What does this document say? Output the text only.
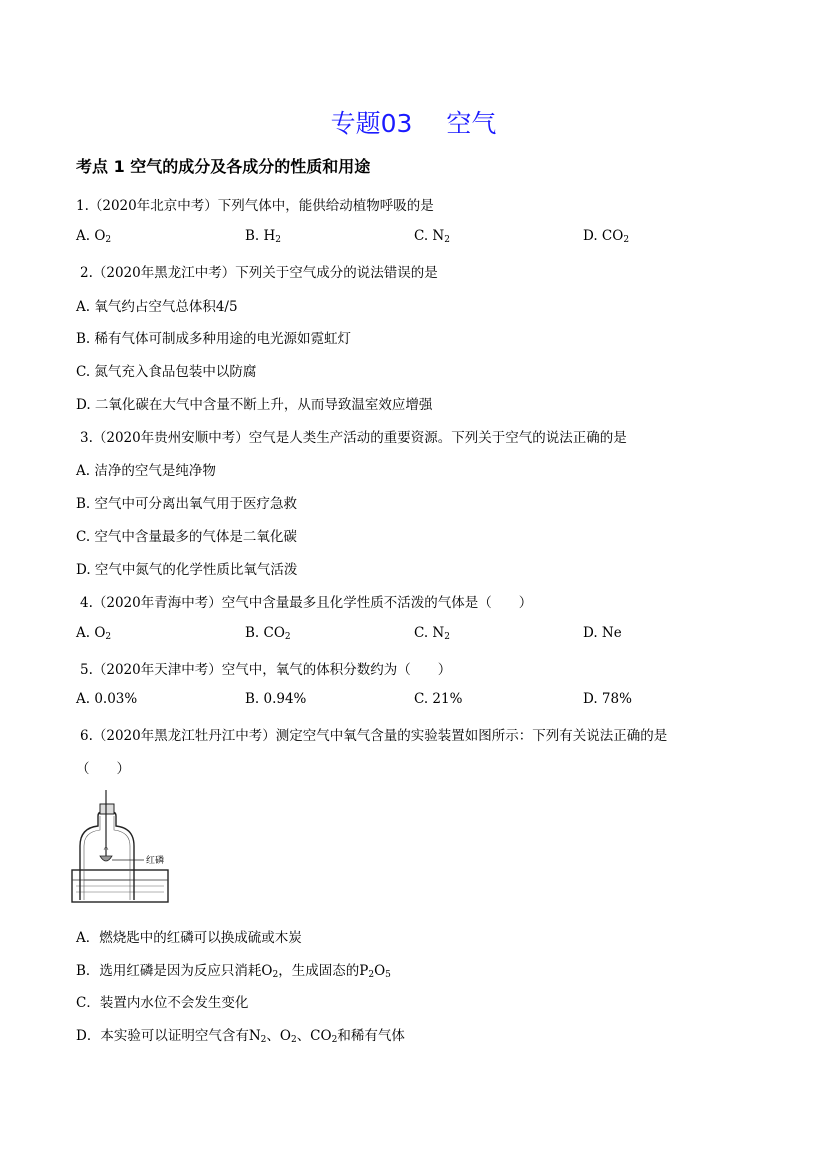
专题03 空气
考点 1 空气的成分及各成分的性质和用途
1.（2020年北京中考）下列气体中，能供给动植物呼吸的是
A. $O_2$	B. $H_2$	C. $N_2$	D. $CO_2$
2.（2020年黑龙江中考）下列关于空气成分的说法错误的是
A. 氧气约占空气总体积4/5
B. 稀有气体可制成多种用途的电光源如霓虹灯
C. 氮气充入食品包装中以防腐
D. 二氧化碳在大气中含量不断上升，从而导致温室效应增强
3.（2020年贵州安顺中考）空气是人类生产活动的重要资源。下列关于空气的说法正确的是
A. 洁净的空气是纯净物
B. 空气中可分离出氧气用于医疗急救
C. 空气中含量最多的气体是二氧化碳
D. 空气中氮气的化学性质比氧气活泼
4.（2020年青海中考）空气中含量最多且化学性质不活泼的气体是（　　）
A. $O_2$	B. $CO_2$	C. $N_2$	D. Ne
5.（2020年天津中考）空气中，氧气的体积分数约为（　　）
A. 0.03%	B. 0.94%	C. 21%	D. 78%
6.（2020年黑龙江牡丹江中考）测定空气中氧气含量的实验装置如图所示：下列有关说法正确的是
（　　）
红磷
A．燃烧匙中的红磷可以换成硫或木炭
B．选用红磷是因为反应只消耗$O_2$，生成固态的$P_2O_5$
C．装置内水位不会发生变化
D．本实验可以证明空气含有$N_2$、$O_2$、$CO_2$和稀有气体
